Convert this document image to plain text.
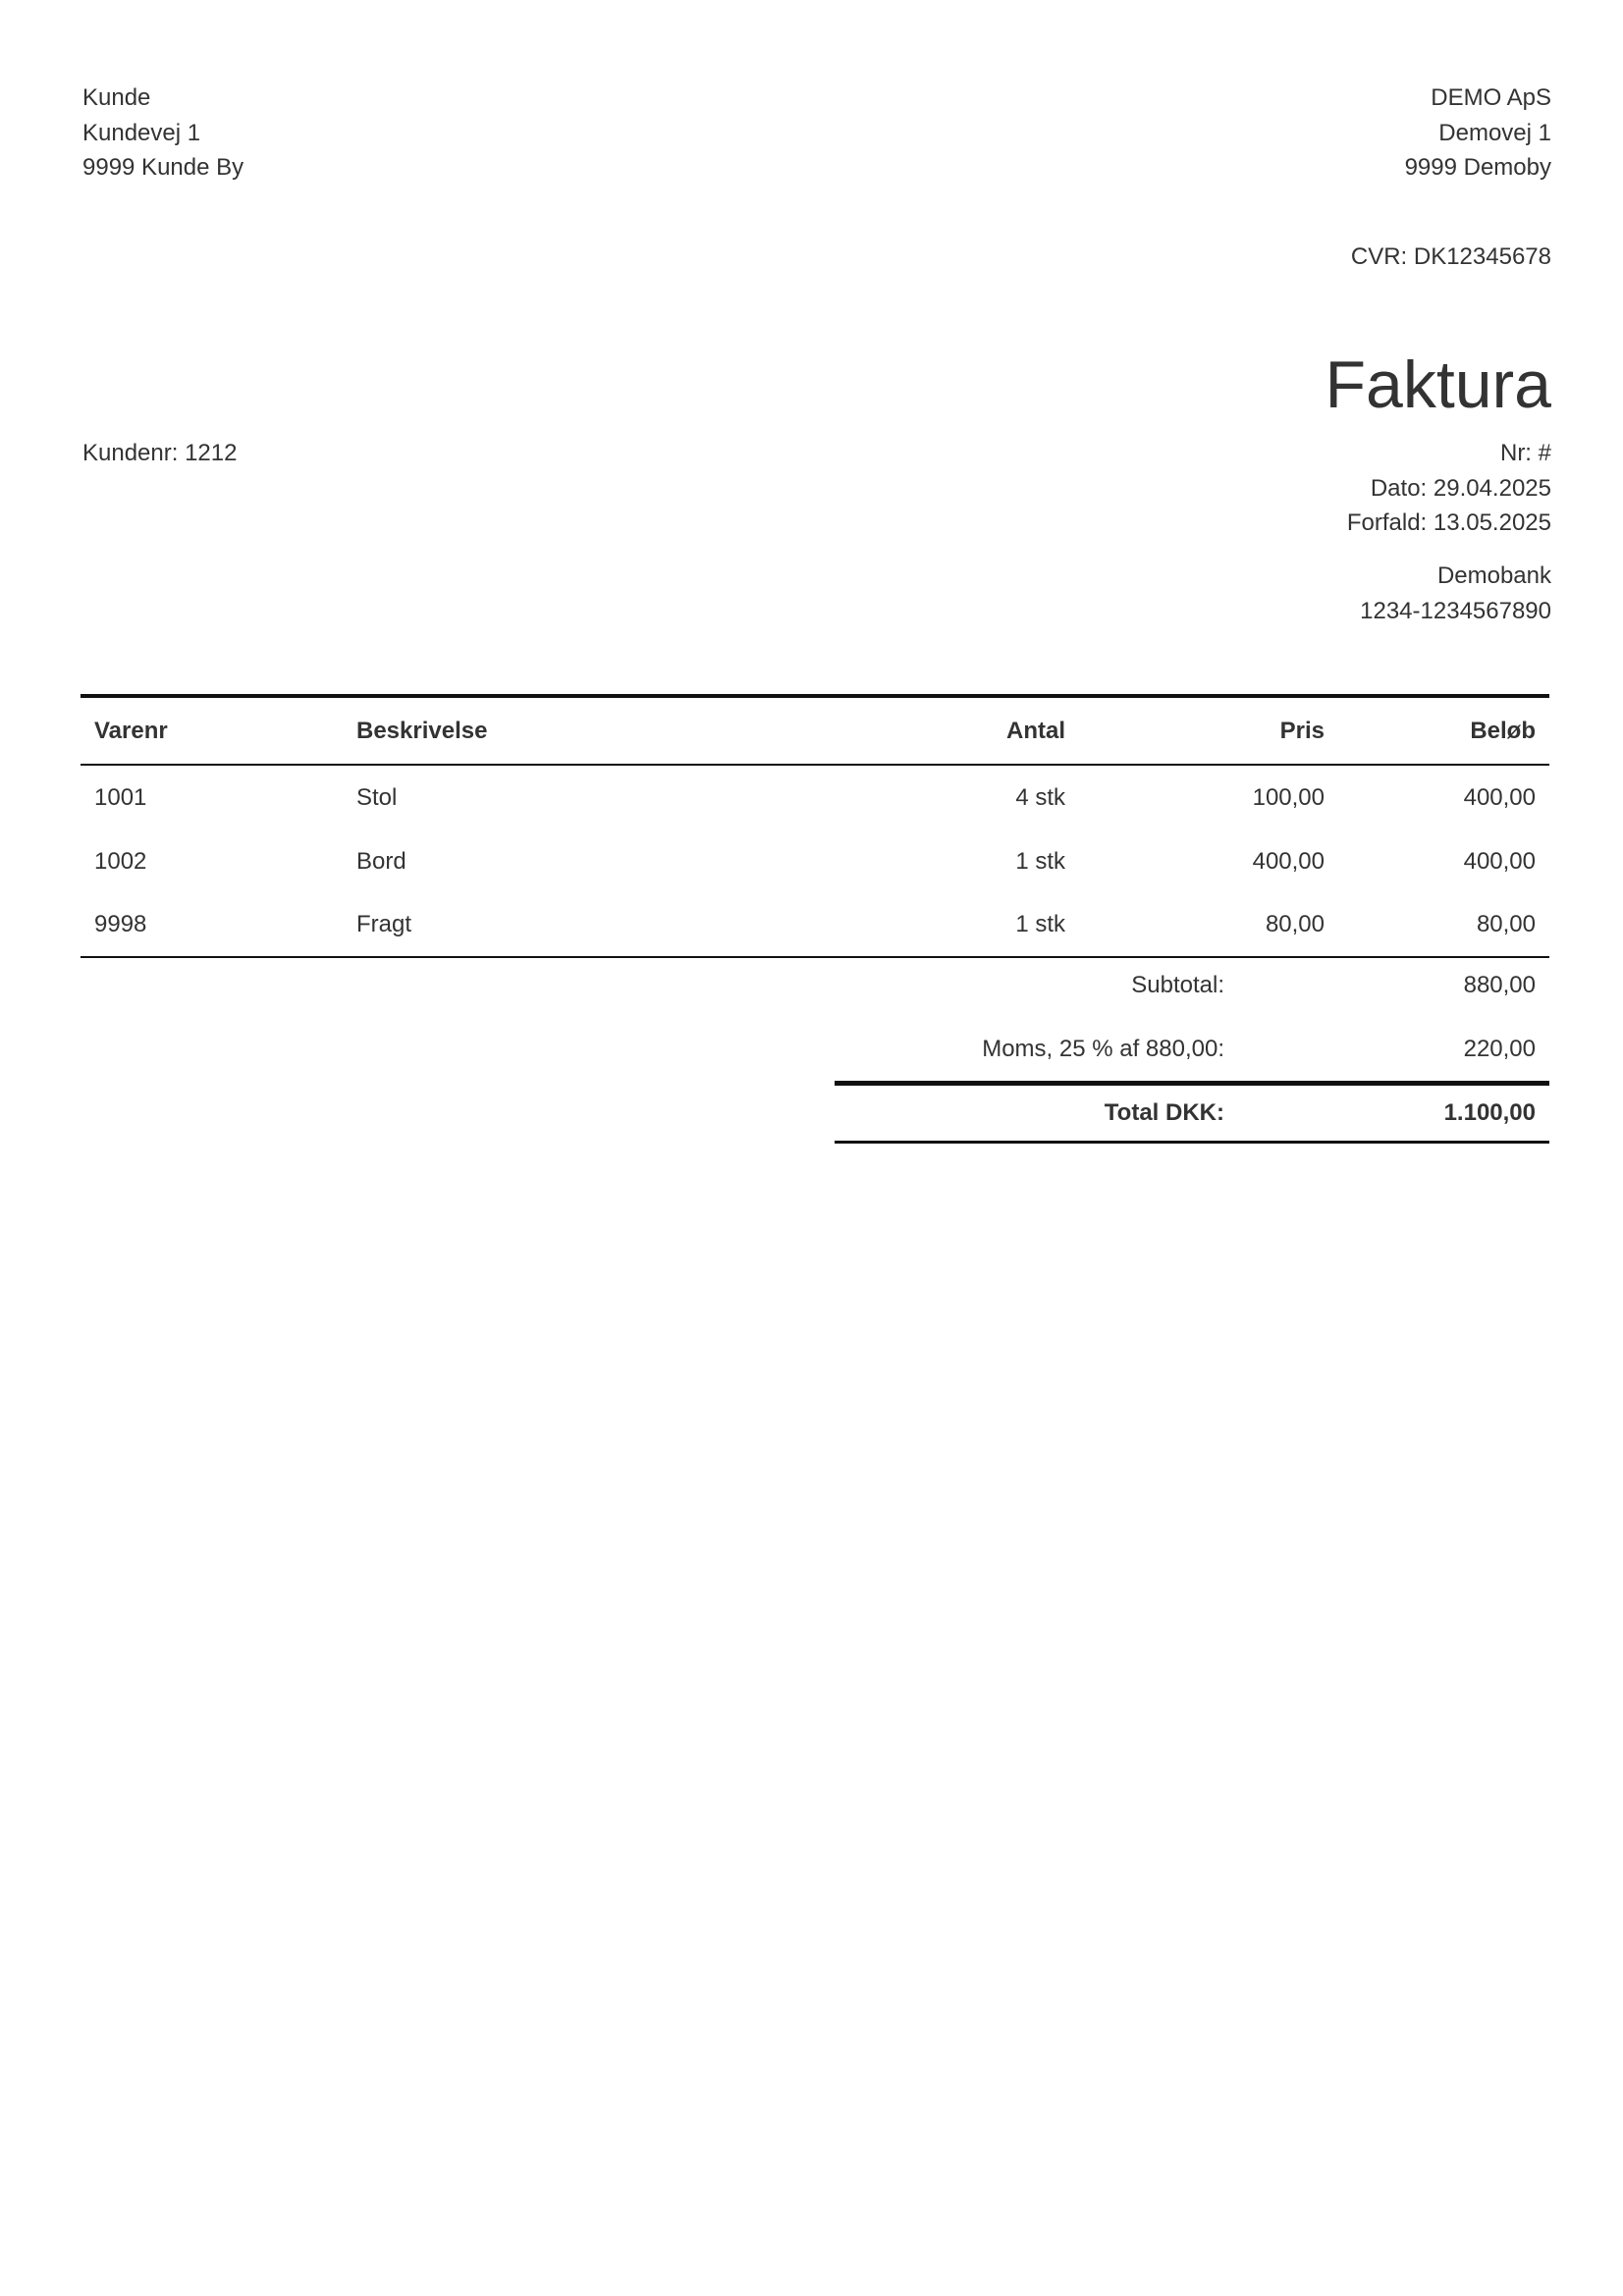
Kunde
Kundevej 1
9999 Kunde By
DEMO ApS
Demovej 1
9999 Demoby
CVR: DK12345678
Faktura
Kundenr: 1212	Nr: #
Dato: 29.04.2025
Forfald: 13.05.2025
Demobank
1234-1234567890
Varenr	Beskrivelse	Antal	Pris	Beløb
1001	Stol	4 stk	100,00	400,00
1002	Bord	1 stk	400,00	400,00
9998	Fragt	1 stk	80,00	80,00
Subtotal:	880,00
Moms, 25 % af 880,00:	220,00
Total DKK:	1.100,00
